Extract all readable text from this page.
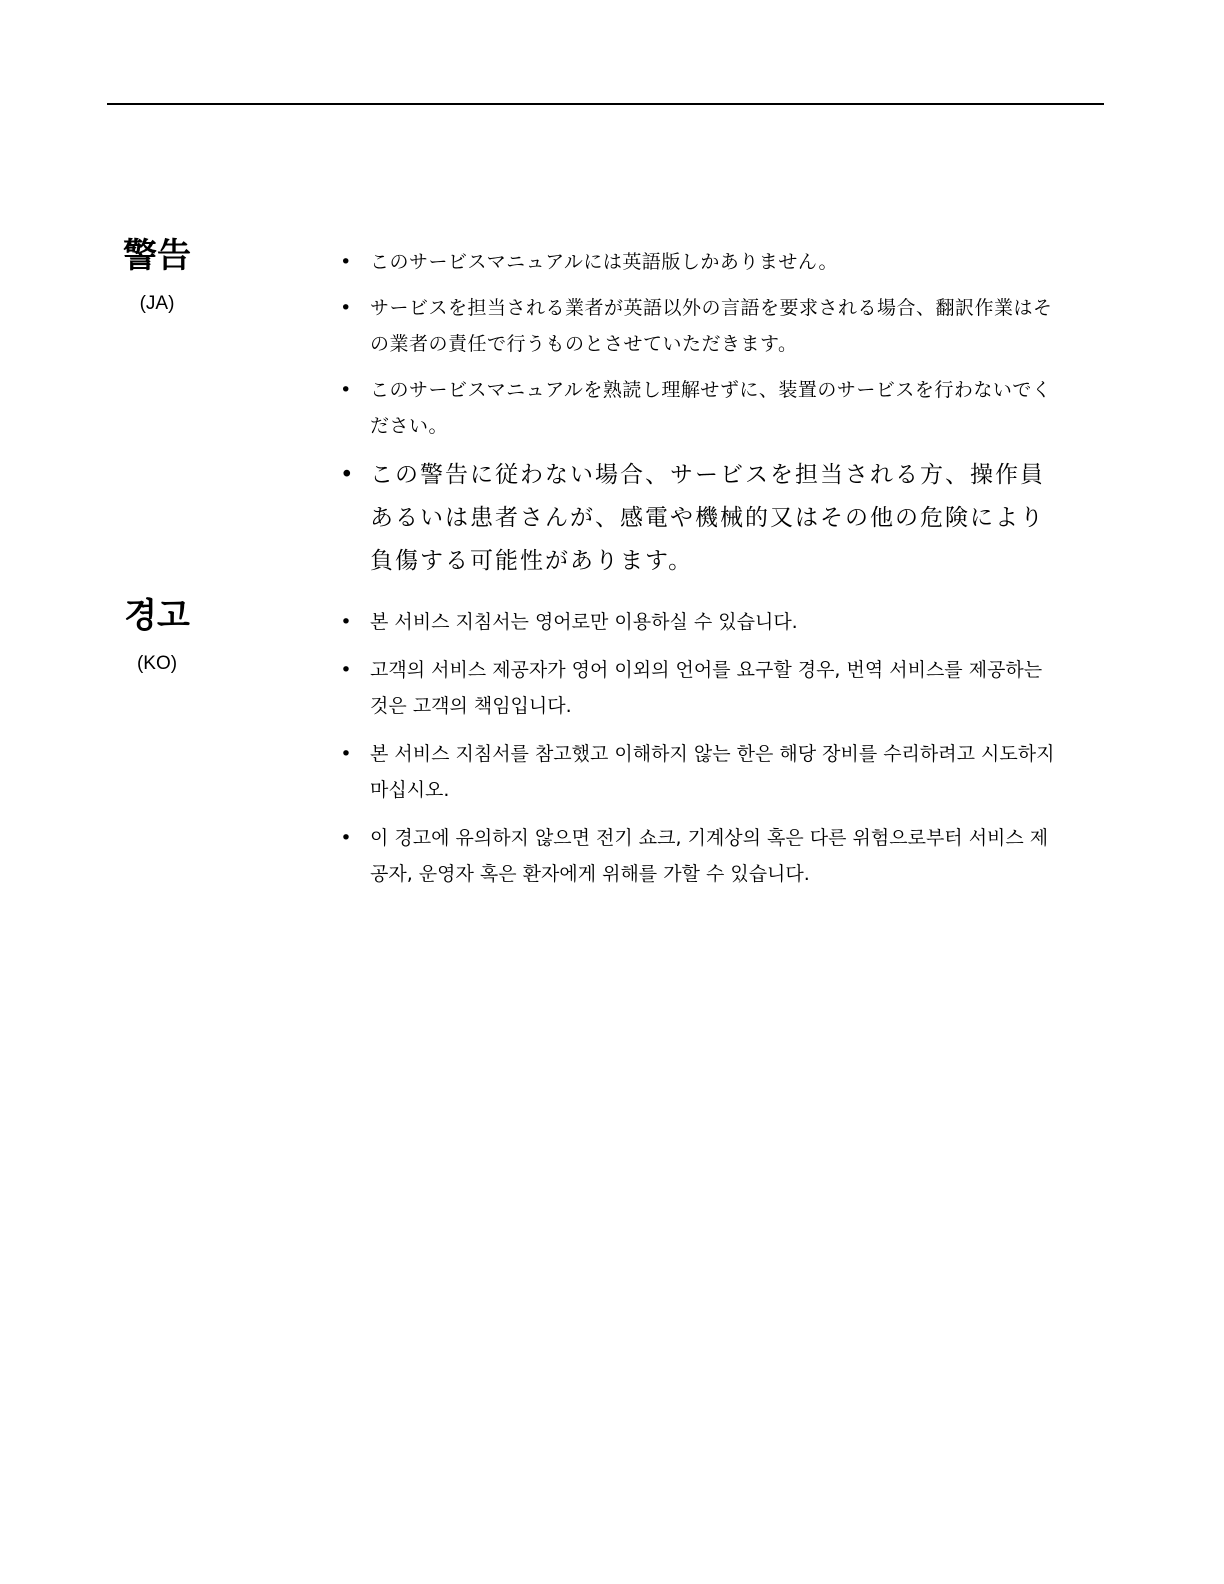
警告
(JA)
• このサービスマニュアルには英語版しかありません。
• サービスを担当される業者が英語以外の言語を要求される場合、翻訳作業はその業者の責任で行うものとさせていただきます。
• このサービスマニュアルを熟読し理解せずに、装置のサービスを行わないでください。
• この警告に従わない場合、サービスを担当される方、操作員あるいは患者さんが、感電や機械的又はその他の危険により負傷する可能性があります。
경고
(KO)
• 본 서비스 지침서는 영어로만 이용하실 수 있습니다.
• 고객의 서비스 제공자가 영어 이외의 언어를 요구할 경우, 번역 서비스를 제공하는 것은 고객의 책임입니다.
• 본 서비스 지침서를 참고했고 이해하지 않는 한은 해당 장비를 수리하려고 시도하지 마십시오.
• 이 경고에 유의하지 않으면 전기 쇼크, 기계상의 혹은 다른 위험으로부터 서비스 제공자, 운영자 혹은 환자에게 위해를 가할 수 있습니다.
